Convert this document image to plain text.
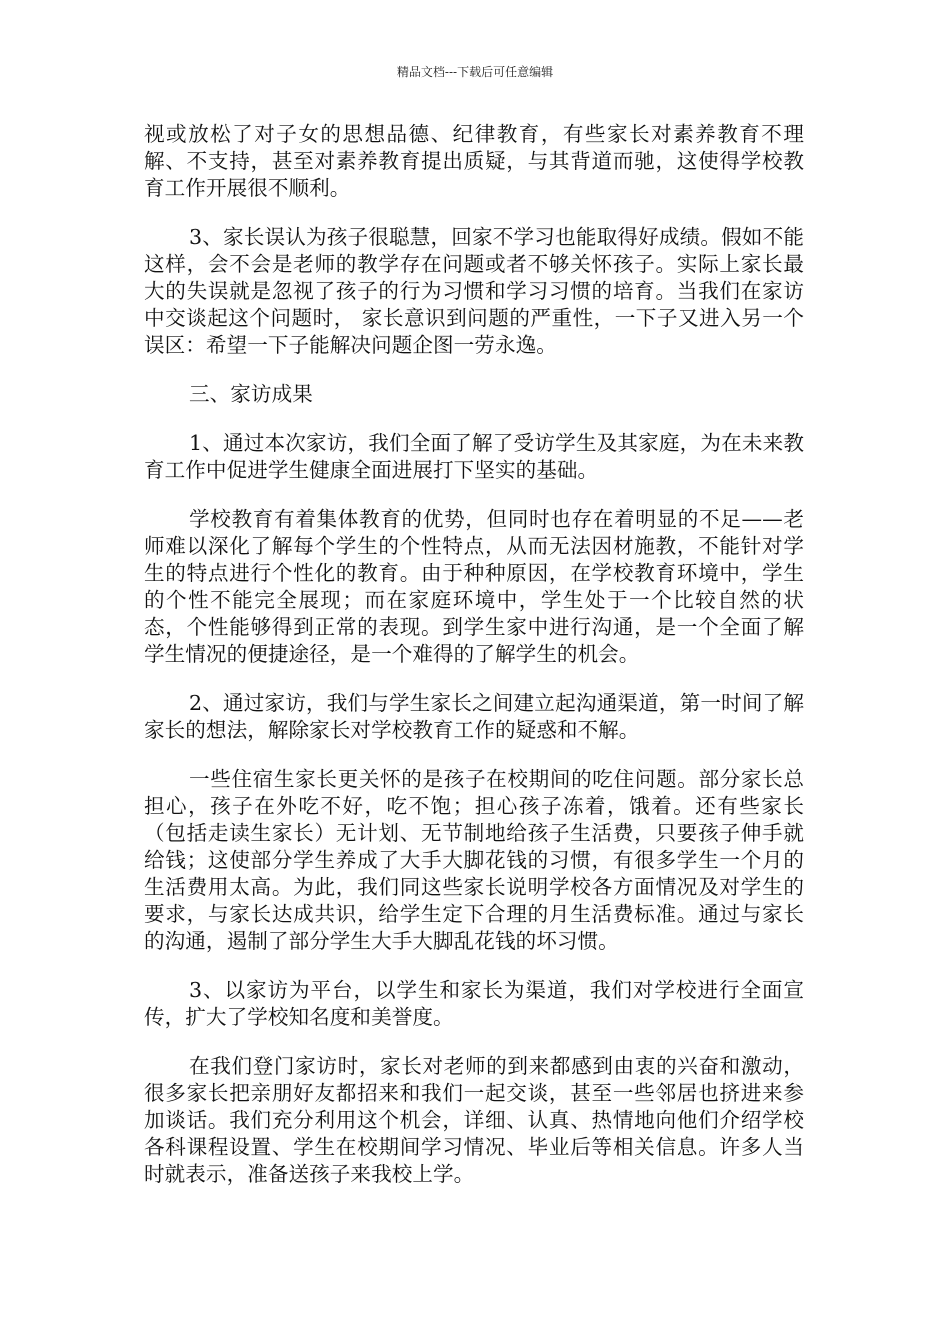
精品文档---下载后可任意编辑

视或放松了对子女的思想品德、纪律教育，有些家长对素养教育不理解、不支持，甚至对素养教育提出质疑，与其背道而驰，这使得学校教育工作开展很不顺利。

3、家长误认为孩子很聪慧，回家不学习也能取得好成绩。假如不能这样，会不会是老师的教学存在问题或者不够关怀孩子。实际上家长最大的失误就是忽视了孩子的行为习惯和学习习惯的培育。当我们在家访中交谈起这个问题时， 家长意识到问题的严重性，一下子又进入另一个误区：希望一下子能解决问题企图一劳永逸。

三、家访成果

1、通过本次家访，我们全面了解了受访学生及其家庭，为在未来教育工作中促进学生健康全面进展打下坚实的基础。

学校教育有着集体教育的优势，但同时也存在着明显的不足——老师难以深化了解每个学生的个性特点，从而无法因材施教，不能针对学生的特点进行个性化的教育。由于种种原因，在学校教育环境中，学生的个性不能完全展现；而在家庭环境中，学生处于一个比较自然的状态，个性能够得到正常的表现。到学生家中进行沟通，是一个全面了解学生情况的便捷途径，是一个难得的了解学生的机会。

2、通过家访，我们与学生家长之间建立起沟通渠道，第一时间了解家长的想法，解除家长对学校教育工作的疑惑和不解。

一些住宿生家长更关怀的是孩子在校期间的吃住问题。部分家长总担心，孩子在外吃不好，吃不饱；担心孩子冻着，饿着。还有些家长（包括走读生家长）无计划、无节制地给孩子生活费，只要孩子伸手就给钱；这使部分学生养成了大手大脚花钱的习惯，有很多学生一个月的生活费用太高。为此，我们同这些家长说明学校各方面情况及对学生的要求，与家长达成共识，给学生定下合理的月生活费标准。通过与家长的沟通，遏制了部分学生大手大脚乱花钱的坏习惯。

3、以家访为平台，以学生和家长为渠道，我们对学校进行全面宣传，扩大了学校知名度和美誉度。

在我们登门家访时，家长对老师的到来都感到由衷的兴奋和激动，很多家长把亲朋好友都招来和我们一起交谈，甚至一些邻居也挤进来参加谈话。我们充分利用这个机会，详细、认真、热情地向他们介绍学校各科课程设置、学生在校期间学习情况、毕业后等相关信息。许多人当时就表示，准备送孩子来我校上学。
